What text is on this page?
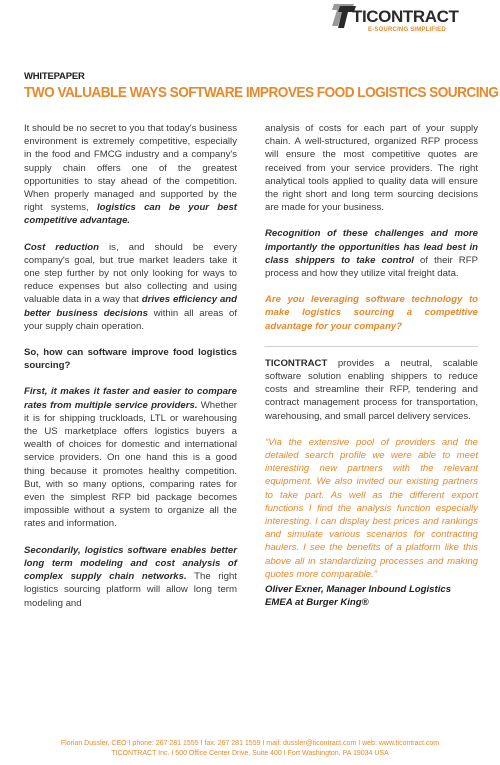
TICONTRACT
E-SOURCING SIMPLIFIED
WHITEPAPER
TWO VALUABLE WAYS SOFTWARE IMPROVES FOOD LOGISTICS SOURCING

It should be no secret to you that today's business environment is extremely competitive, especially in the food and FMCG industry and a company's supply chain offers one of the greatest opportunities to stay ahead of the competition. When properly managed and supported by the right systems, logistics can be your best competitive advantage.

Cost reduction is, and should be every company's goal, but true market leaders take it one step further by not only looking for ways to reduce expenses but also collecting and using valuable data in a way that drives efficiency and better business decisions within all areas of your supply chain operation.

So, how can software improve food logistics sourcing?

First, it makes it faster and easier to compare rates from multiple service providers. Whether it is for shipping truckloads, LTL or warehousing the US marketplace offers logistics buyers a wealth of choices for domestic and international service providers. On one hand this is a good thing because it promotes healthy competition. But, with so many options, comparing rates for even the simplest RFP bid package becomes impossible without a system to organize all the rates and information.

Secondarily, logistics software enables better long term modeling and cost analysis of complex supply chain networks. The right logistics sourcing platform will allow long term modeling and

analysis of costs for each part of your supply chain. A well-structured, organized RFP process will ensure the most competitive quotes are received from your service providers. The right analytical tools applied to quality data will ensure the right short and long term sourcing decisions are made for your business.

Recognition of these challenges and more importantly the opportunities has lead best in class shippers to take control of their RFP process and how they utilize vital freight data.

Are you leveraging software technology to make logistics sourcing a competitive advantage for your company?

TICONTRACT provides a neutral, scalable software solution enabling shippers to reduce costs and streamline their RFP, tendering and contract management process for transportation, warehousing, and small parcel delivery services.

“Via the extensive pool of providers and the detailed search profile we were able to meet interesting new partners with the relevant equipment. We also invited our existing partners to take part. As well as the different export functions I find the analysis function especially interesting. I can display best prices and rankings and simulate various scenarios for contracting haulers. I see the benefits of a platform like this above all in standardizing processes and making quotes more comparable.”

Oliver Exner, Manager Inbound Logistics EMEA at Burger King®

Florian Dussler, CEO I phone: 267 281 1555 I fax: 267 281 1559 I mail: dussler@ticontract.com I web: www.ticontract.com
TICONTRACT Inc. I 500 Office Center Drive, Suite 400 I Fort Washington, PA 19034 USA
